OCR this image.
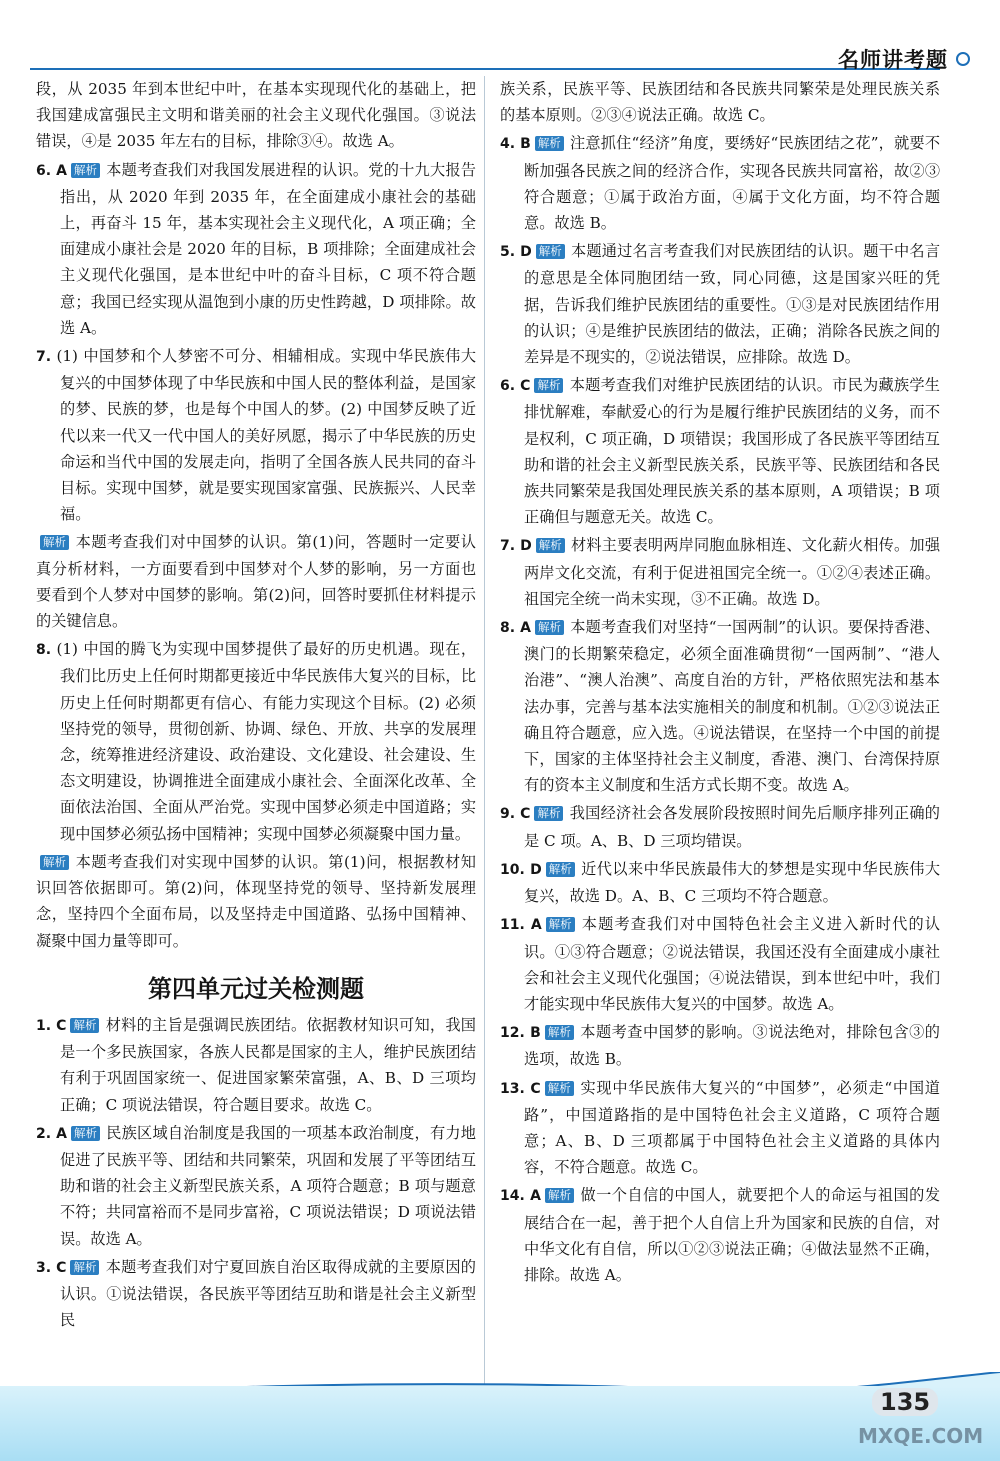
名师讲考题
段，从 2035 年到本世纪中叶，在基本实现现代化的基础上，把我国建成富强民主文明和谐美丽的社会主义现代化强国。③说法错误，④是 2035 年左右的目标，排除③④。故选 A。
6. A 解析 本题考查我们对我国发展进程的认识。党的十九大报告指出，从 2020 年到 2035 年，在全面建成小康社会的基础上，再奋斗 15 年，基本实现社会主义现代化，A 项正确；全面建成小康社会是 2020 年的目标，B 项排除；全面建成社会主义现代化强国，是本世纪中叶的奋斗目标，C 项不符合题意；我国已经实现从温饱到小康的历史性跨越，D 项排除。故选 A。
7. (1) 中国梦和个人梦密不可分、相辅相成。实现中华民族伟大复兴的中国梦体现了中华民族和中国人民的整体利益，是国家的梦、民族的梦，也是每个中国人的梦。(2) 中国梦反映了近代以来一代又一代中国人的美好夙愿，揭示了中华民族的历史命运和当代中国的发展走向，指明了全国各族人民共同的奋斗目标。实现中国梦，就是要实现国家富强、民族振兴、人民幸福。
解析 本题考查我们对中国梦的认识。第(1)问，答题时一定要认真分析材料，一方面要看到中国梦对个人梦的影响，另一方面也要看到个人梦对中国梦的影响。第(2)问，回答时要抓住材料提示的关键信息。
8. (1) 中国的腾飞为实现中国梦提供了最好的历史机遇。现在，我们比历史上任何时期都更接近中华民族伟大复兴的目标，比历史上任何时期都更有信心、有能力实现这个目标。(2) 必须坚持党的领导，贯彻创新、协调、绿色、开放、共享的发展理念，统筹推进经济建设、政治建设、文化建设、社会建设、生态文明建设，协调推进全面建成小康社会、全面深化改革、全面依法治国、全面从严治党。实现中国梦必须走中国道路；实现中国梦必须弘扬中国精神；实现中国梦必须凝聚中国力量。
解析 本题考查我们对实现中国梦的认识。第(1)问，根据教材知识回答依据即可。第(2)问，体现坚持党的领导、坚持新发展理念，坚持四个全面布局，以及坚持走中国道路、弘扬中国精神、凝聚中国力量等即可。
第四单元过关检测题
1. C 解析 材料的主旨是强调民族团结。依据教材知识可知，我国是一个多民族国家，各族人民都是国家的主人，维护民族团结有利于巩固国家统一、促进国家繁荣富强，A、B、D 三项均正确；C 项说法错误，符合题目要求。故选 C。
2. A 解析 民族区域自治制度是我国的一项基本政治制度，有力地促进了民族平等、团结和共同繁荣，巩固和发展了平等团结互助和谐的社会主义新型民族关系，A 项符合题意；B 项与题意不符；共同富裕而不是同步富裕，C 项说法错误；D 项说法错误。故选 A。
3. C 解析 本题考查我们对宁夏回族自治区取得成就的主要原因的认识。①说法错误，各民族平等团结互助和谐是社会主义新型民
族关系，民族平等、民族团结和各民族共同繁荣是处理民族关系的基本原则。②③④说法正确。故选 C。
4. B 解析 注意抓住“经济”角度，要绣好“民族团结之花”，就要不断加强各民族之间的经济合作，实现各民族共同富裕，故②③符合题意；①属于政治方面，④属于文化方面，均不符合题意。故选 B。
5. D 解析 本题通过名言考查我们对民族团结的认识。题干中名言的意思是全体同胞团结一致，同心同德，这是国家兴旺的凭据，告诉我们维护民族团结的重要性。①③是对民族团结作用的认识；④是维护民族团结的做法，正确；消除各民族之间的差异是不现实的，②说法错误，应排除。故选 D。
6. C 解析 本题考查我们对维护民族团结的认识。市民为藏族学生排忧解难，奉献爱心的行为是履行维护民族团结的义务，而不是权利，C 项正确，D 项错误；我国形成了各民族平等团结互助和谐的社会主义新型民族关系，民族平等、民族团结和各民族共同繁荣是我国处理民族关系的基本原则，A 项错误；B 项正确但与题意无关。故选 C。
7. D 解析 材料主要表明两岸同胞血脉相连、文化薪火相传。加强两岸文化交流，有利于促进祖国完全统一。①②④表述正确。祖国完全统一尚未实现，③不正确。故选 D。
8. A 解析 本题考查我们对坚持“一国两制”的认识。要保持香港、澳门的长期繁荣稳定，必须全面准确贯彻“一国两制”、“港人治港”、“澳人治澳”、高度自治的方针，严格依照宪法和基本法办事，完善与基本法实施相关的制度和机制。①②③说法正确且符合题意，应入选。④说法错误，在坚持一个中国的前提下，国家的主体坚持社会主义制度，香港、澳门、台湾保持原有的资本主义制度和生活方式长期不变。故选 A。
9. C 解析 我国经济社会各发展阶段按照时间先后顺序排列正确的是 C 项。A、B、D 三项均错误。
10. D 解析 近代以来中华民族最伟大的梦想是实现中华民族伟大复兴，故选 D。A、B、C 三项均不符合题意。
11. A 解析 本题考查我们对中国特色社会主义进入新时代的认识。①③符合题意；②说法错误，我国还没有全面建成小康社会和社会主义现代化强国；④说法错误，到本世纪中叶，我们才能实现中华民族伟大复兴的中国梦。故选 A。
12. B 解析 本题考查中国梦的影响。③说法绝对，排除包含③的选项，故选 B。
13. C 解析 实现中华民族伟大复兴的“中国梦”，必须走“中国道路”，中国道路指的是中国特色社会主义道路，C 项符合题意；A、B、D 三项都属于中国特色社会主义道路的具体内容，不符合题意。故选 C。
14. A 解析 做一个自信的中国人，就要把个人的命运与祖国的发展结合在一起，善于把个人自信上升为国家和民族的自信，对中华文化有自信，所以①②③说法正确；④做法显然不正确，排除。故选 A。
135
MXQE.COM
